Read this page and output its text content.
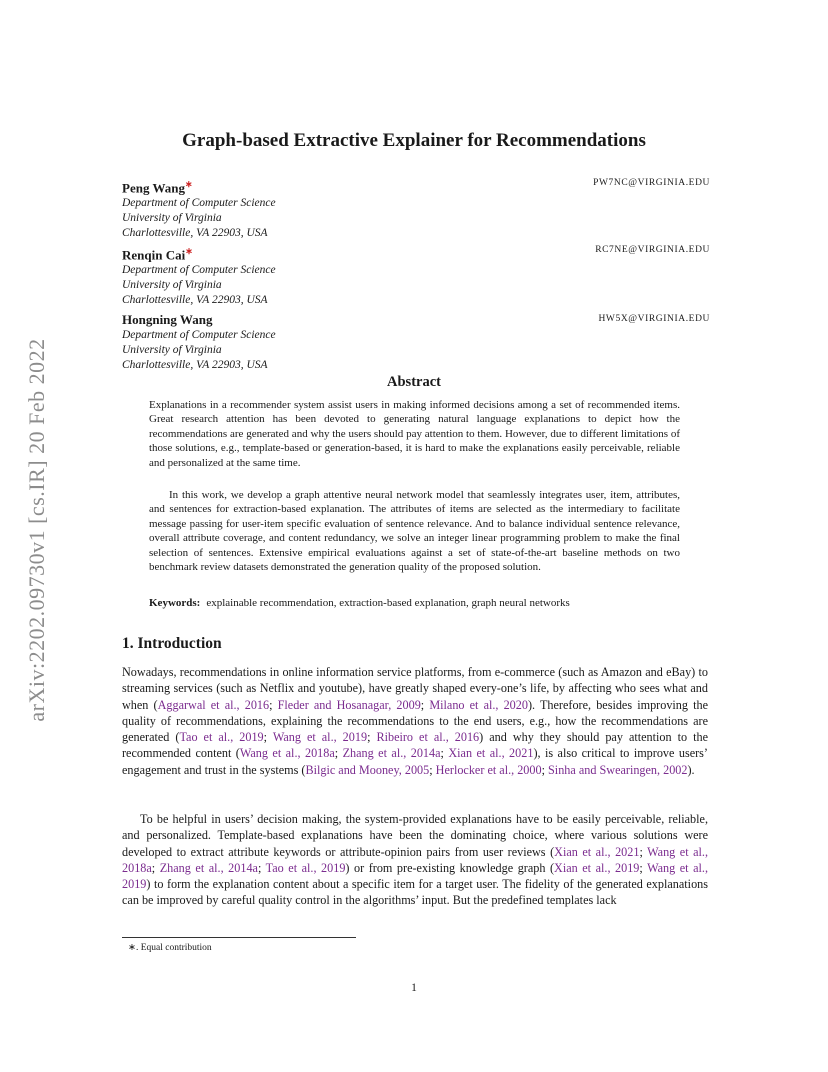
arXiv:2202.09730v1 [cs.IR] 20 Feb 2022
Graph-based Extractive Explainer for Recommendations
Peng Wang∗	PW7NC@VIRGINIA.EDU
Department of Computer Science
University of Virginia
Charlottesville, VA 22903, USA
Renqin Cai∗	RC7NE@VIRGINIA.EDU
Department of Computer Science
University of Virginia
Charlottesville, VA 22903, USA
Hongning Wang	HW5X@VIRGINIA.EDU
Department of Computer Science
University of Virginia
Charlottesville, VA 22903, USA
Abstract

Explanations in a recommender system assist users in making informed decisions among a set of recommended items. Great research attention has been devoted to generating natural language explanations to depict how the recommendations are generated and why the users should pay attention to them. However, due to different limitations of those solutions, e.g., template-based or generation-based, it is hard to make the explanations easily perceivable, reliable and personalized at the same time.

In this work, we develop a graph attentive neural network model that seamlessly integrates user, item, attributes, and sentences for extraction-based explanation. The attributes of items are selected as the intermediary to facilitate message passing for user-item specific evaluation of sentence relevance. And to balance individual sentence relevance, overall attribute coverage, and content redundancy, we solve an integer linear programming problem to make the final selection of sentences. Extensive empirical evaluations against a set of state-of-the-art baseline methods on two benchmark review datasets demonstrated the generation quality of the proposed solution.

Keywords: explainable recommendation, extraction-based explanation, graph neural networks
1. Introduction

Nowadays, recommendations in online information service platforms, from e-commerce (such as Amazon and eBay) to streaming services (such as Netflix and youtube), have greatly shaped every-one’s life, by affecting who sees what and when (Aggarwal et al., 2016; Fleder and Hosanagar, 2009; Milano et al., 2020). Therefore, besides improving the quality of recommendations, explaining the recommendations to the end users, e.g., how the recommendations are generated (Tao et al., 2019; Wang et al., 2019; Ribeiro et al., 2016) and why they should pay attention to the recommended content (Wang et al., 2018a; Zhang et al., 2014a; Xian et al., 2021), is also critical to improve users’ engagement and trust in the systems (Bilgic and Mooney, 2005; Herlocker et al., 2000; Sinha and Swearingen, 2002).

To be helpful in users’ decision making, the system-provided explanations have to be easily perceivable, reliable, and personalized. Template-based explanations have been the dominating choice, where various solutions were developed to extract attribute keywords or attribute-opinion pairs from user reviews (Xian et al., 2021; Wang et al., 2018a; Zhang et al., 2014a; Tao et al., 2019) or from pre-existing knowledge graph (Xian et al., 2019; Wang et al., 2019) to form the explanation content about a specific item for a target user. The fidelity of the generated explanations can be improved by careful quality control in the algorithms’ input. But the predefined templates lack

∗. Equal contribution
1
